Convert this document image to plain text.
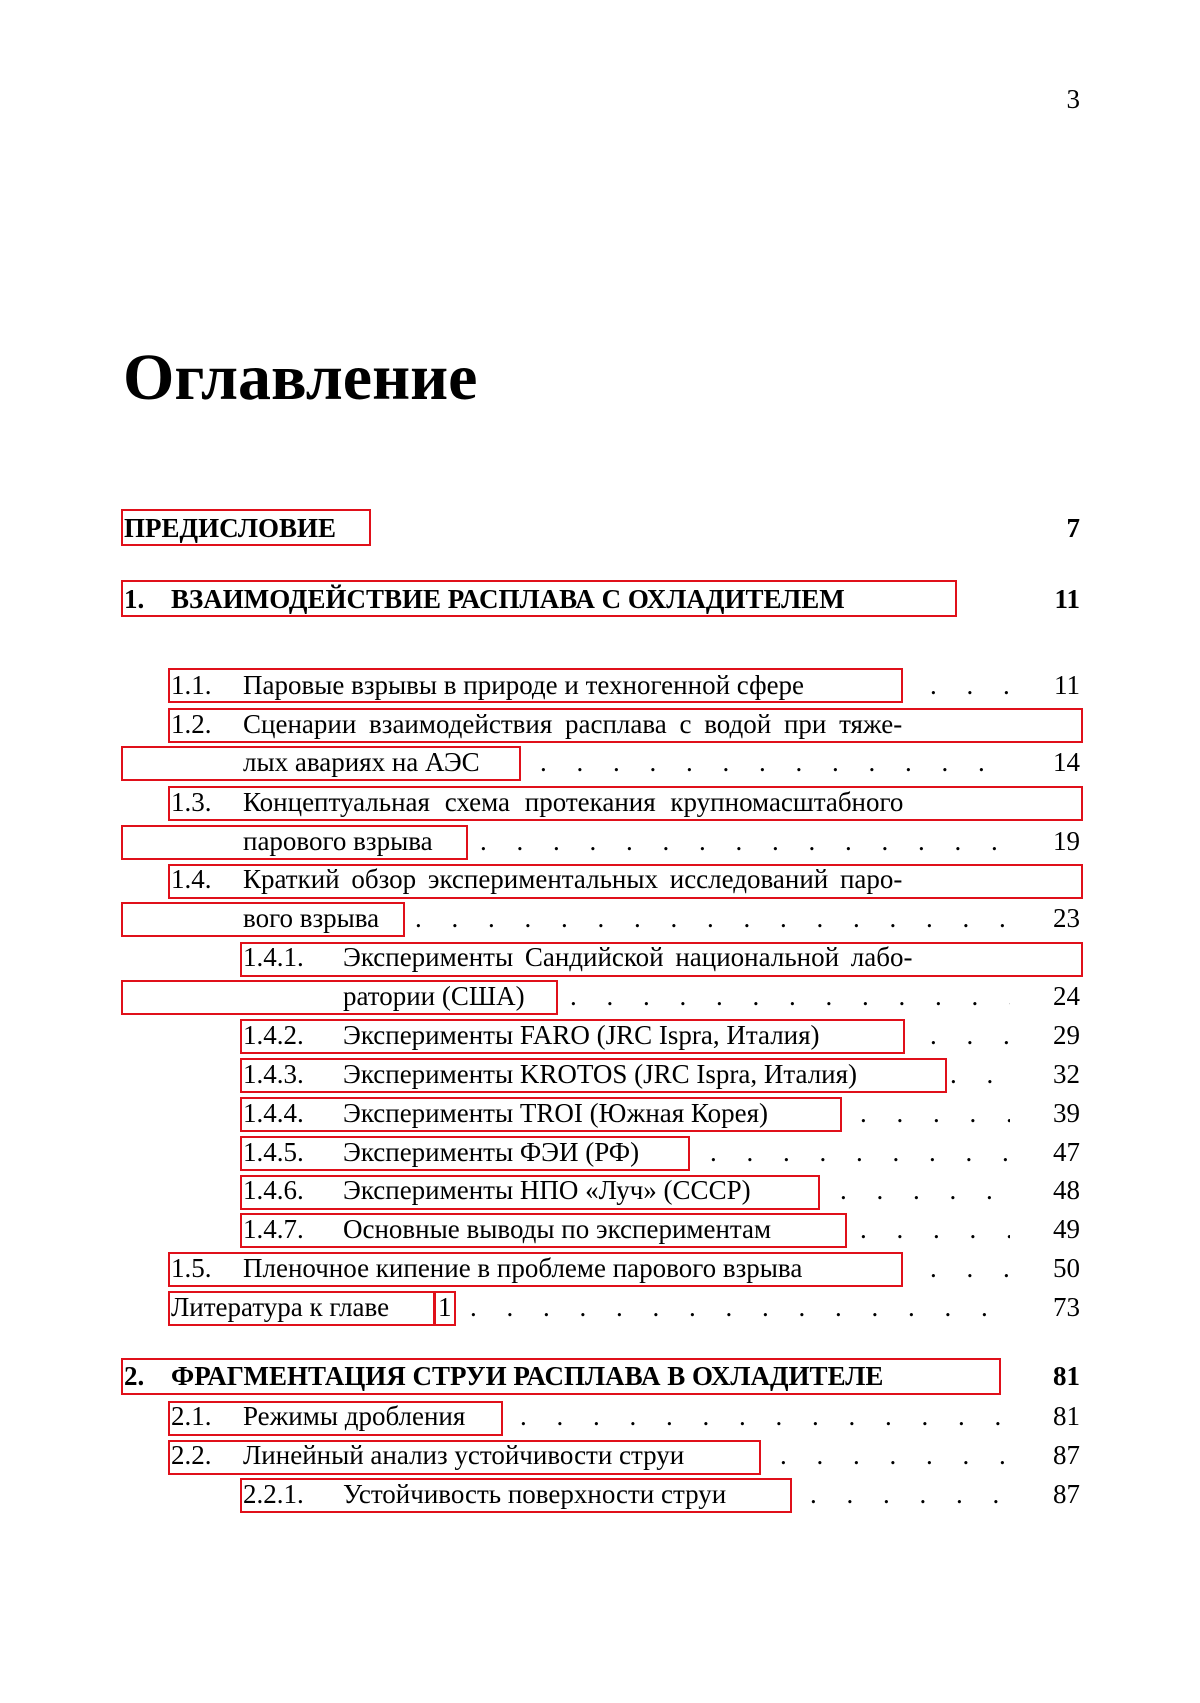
3
Оглавление
ПРЕДИСЛОВИЕ	7
1. ВЗАИМОДЕЙСТВИЕ РАСПЛАВА С ОХЛАДИТЕЛЕМ	11
1.1. Паровые взрывы в природе и техногенной сфере	. .	11
1.2. Сценарии взаимодействия расплава с водой при тяже-
лых авариях на АЭС . . . . . . . . . . . . .	14
1.3. Концептуальная схема протекания крупномасштабного
парового взрыва . . . . . . . . . . . . . . . 19
1.4. Краткий обзор экспериментальных исследований паро-
вого взрыва . . . . . . . . . . . . . . . .	23
1.4.1. Эксперименты Сандийской национальной лабо-
ратории (США) . . . . . . . . . . . .	24
1.4.2. Эксперименты FARO (JRC Ispra, Италия)	. .	29
1.4.3. Эксперименты KROTOS (JRC Ispra, Италия)	. . 32
1.4.4. Эксперименты TROI (Южная Корея)	. . . .	39
1.4.5. Эксперименты ФЭИ (РФ)	. . . . . . . .	47
1.4.6. Эксперименты НПО «Луч» (СССР)	. . . . . 48
1.4.7. Основные выводы по экспериментам	. . . .	49
1.5. Пленочное кипение в проблеме парового взрыва	. .	50
Литература к главе 1 . . . . . . . . . . . . . . .	73
2. ФРАГМЕНТАЦИЯ СТРУИ РАСПЛАВА В ОХЛАДИТЕЛЕ	81
2.1. Режимы дробления . . . . . . . . . . . . .	81
2.2. Линейный анализ устойчивости струи	. . . . . .	87
2.2.1. Устойчивость поверхности струи	. . . . . . 87
